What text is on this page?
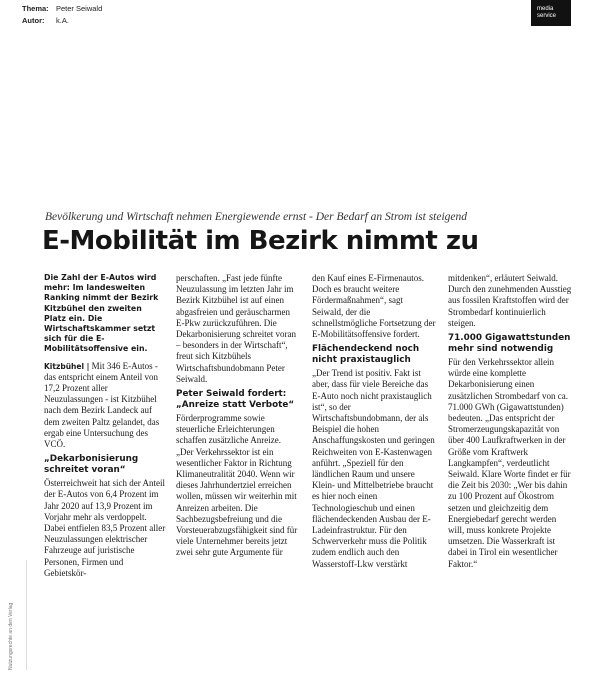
Thema: Peter Seiwald
Autor: k.A.
media
service
Bevölkerung und Wirtschaft nehmen Energiewende ernst - Der Bedarf an Strom ist steigend
E-Mobilität im Bezirk nimmt zu

Die Zahl der E-Autos wird mehr: Im landesweiten Ranking nimmt der Bezirk Kitzbühel den zweiten Platz ein. Die Wirtschaftskammer setzt sich für die E-Mobilitätsoffensive ein.

Kitzbühel | Mit 346 E-Autos - das entspricht einem Anteil von 17,2 Prozent aller Neuzulassungen - ist Kitzbühel nach dem Bezirk Landeck auf dem zweiten Paltz gelandet, das ergab eine Untersuchung des VCÖ.

„Dekarbonisierung schreitet voran“

Österreichweit hat sich der Anteil der E-Autos von 6,4 Prozent im Jahr 2020 auf 13,9 Prozent im Vorjahr mehr als verdoppelt. Dabei entfielen 83,5 Prozent aller Neuzulassungen elektrischer Fahrzeuge auf juristische Personen, Firmen und Gebietskör-

perschaften. „Fast jede fünfte Neuzulassung im letzten Jahr im Bezirk Kitzbühel ist auf einen abgasfreien und geräuscharmen E-Pkw zurückzuführen. Die Dekarbonisierung schreitet voran – besonders in der Wirtschaft“, freut sich Kitzbühels Wirtschaftsbundobmann Peter Seiwald.

Peter Seiwald fordert: „Anreize statt Verbote“

Förderprogramme sowie steuerliche Erleichterungen schaffen zusätzliche Anreize. „Der Verkehrssektor ist ein wesentlicher Faktor in Richtung Klimaneutralität 2040. Wenn wir dieses Jahrhundertziel erreichen wollen, müssen wir weiterhin mit Anreizen arbeiten. Die Sachbezugsbefreiung und die Vorsteuerabzugsfähigkeit sind für viele Unternehmer bereits jetzt zwei sehr gute Argumente für

den Kauf eines E-Firmenautos. Doch es braucht weitere Fördermaßnahmen“, sagt Seiwald, der die schnellstmögliche Fortsetzung der E-Mobilitätsoffensive fordert.

Flächendeckend noch nicht praxistauglich

„Der Trend ist positiv. Fakt ist aber, dass für viele Bereiche das E-Auto noch nicht praxistauglich ist“, so der Wirtschaftsbundobmann, der als Beispiel die hohen Anschaffungskosten und geringen Reichweiten von E-Kastenwagen anführt. „Speziell für den ländlichen Raum und unsere Klein- und Mittelbetriebe braucht es hier noch einen Technologieschub und einen flächendeckenden Ausbau der E-Ladeinfrastruktur. Für den Schwerverkehr muss die Politik zudem endlich auch den Wasserstoff-Lkw verstärkt

mitdenken“, erläutert Seiwald. Durch den zunehmenden Ausstieg aus fossilen Kraftstoffen wird der Strombedarf kontinuierlich steigen.

71.000 Gigawattstunden mehr sind notwendig

Für den Verkehrssektor allein würde eine komplette Dekarbonisierung einen zusätzlichen Strombedarf von ca. 71.000 GWh (Gigawattstunden) bedeuten. „Das entspricht der Stromerzeugungskapazität von über 400 Laufkraftwerken in der Größe vom Kraftwerk Langkampfen“, verdeutlicht Seiwald. Klare Worte findet er für die Zeit bis 2030: „Wer bis dahin zu 100 Prozent auf Ökostrom setzen und gleichzeitig dem Energiebedarf gerecht werden will, muss konkrete Projekte umsetzen. Die Wasserkraft ist dabei in Tirol ein wesentlicher Faktor.“

Nutzungsrechte an den Verlag
